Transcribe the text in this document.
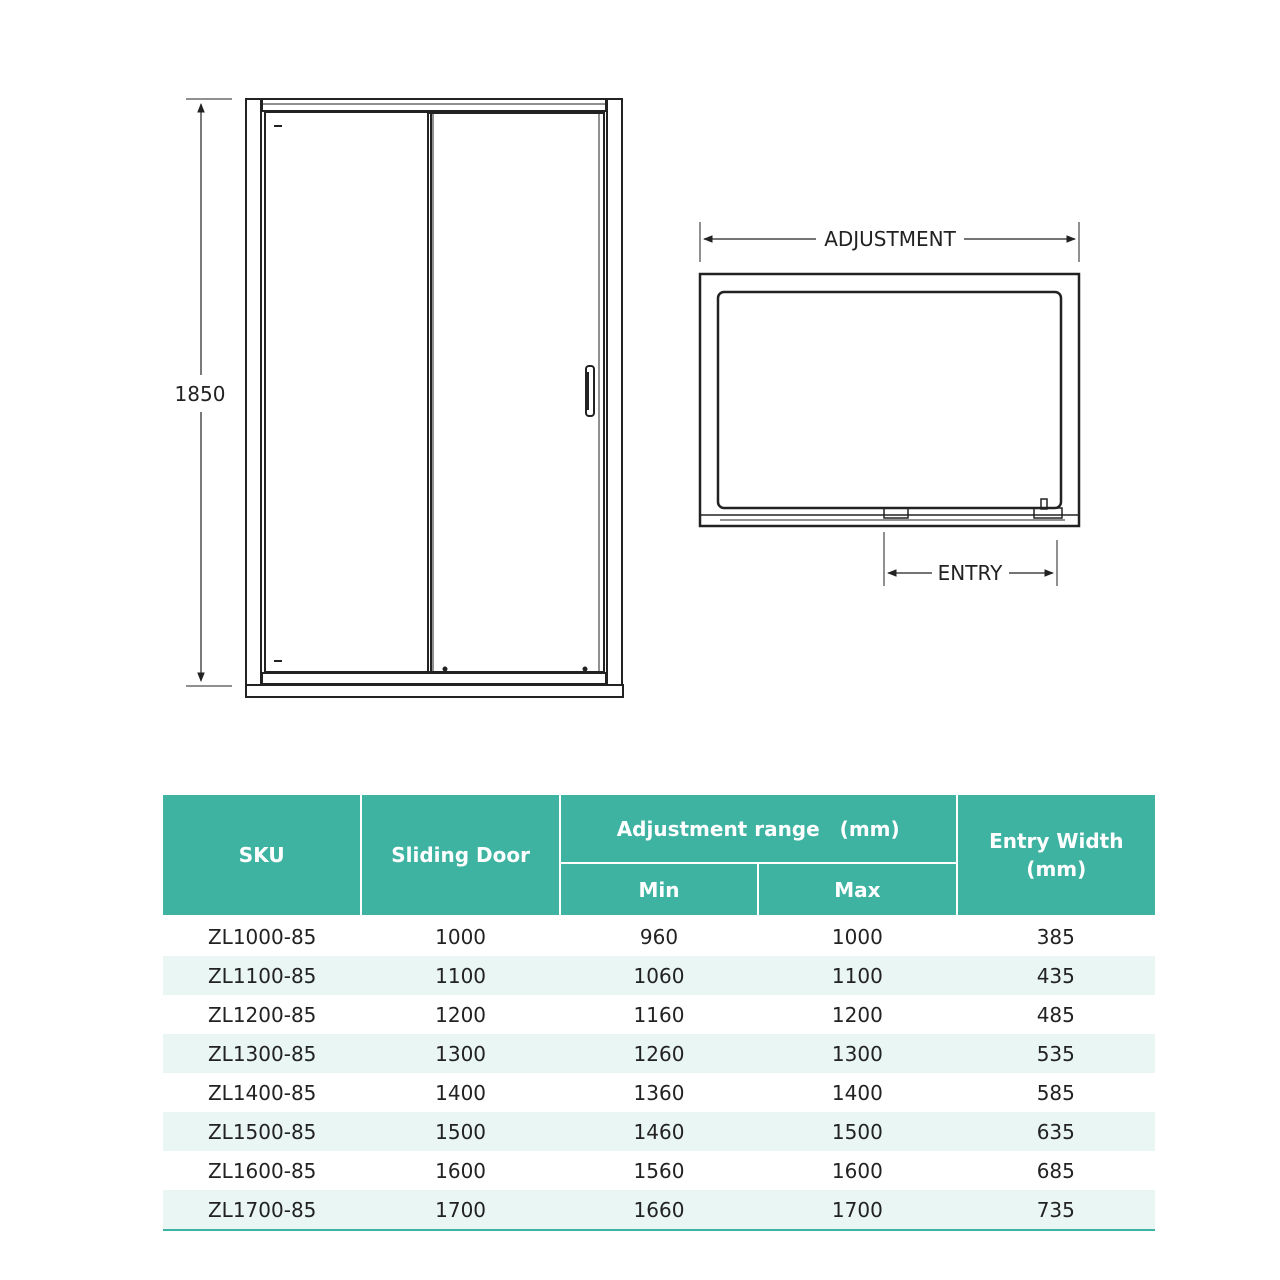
1850
ADJUSTMENT
ENTRY
SKU	Sliding Door	Adjustment range　(mm)		Entry Width (mm)
		Min	Max	
ZL1000-85	1000	960	1000	385
ZL1100-85	1100	1060	1100	435
ZL1200-85	1200	1160	1200	485
ZL1300-85	1300	1260	1300	535
ZL1400-85	1400	1360	1400	585
ZL1500-85	1500	1460	1500	635
ZL1600-85	1600	1560	1600	685
ZL1700-85	1700	1660	1700	735
